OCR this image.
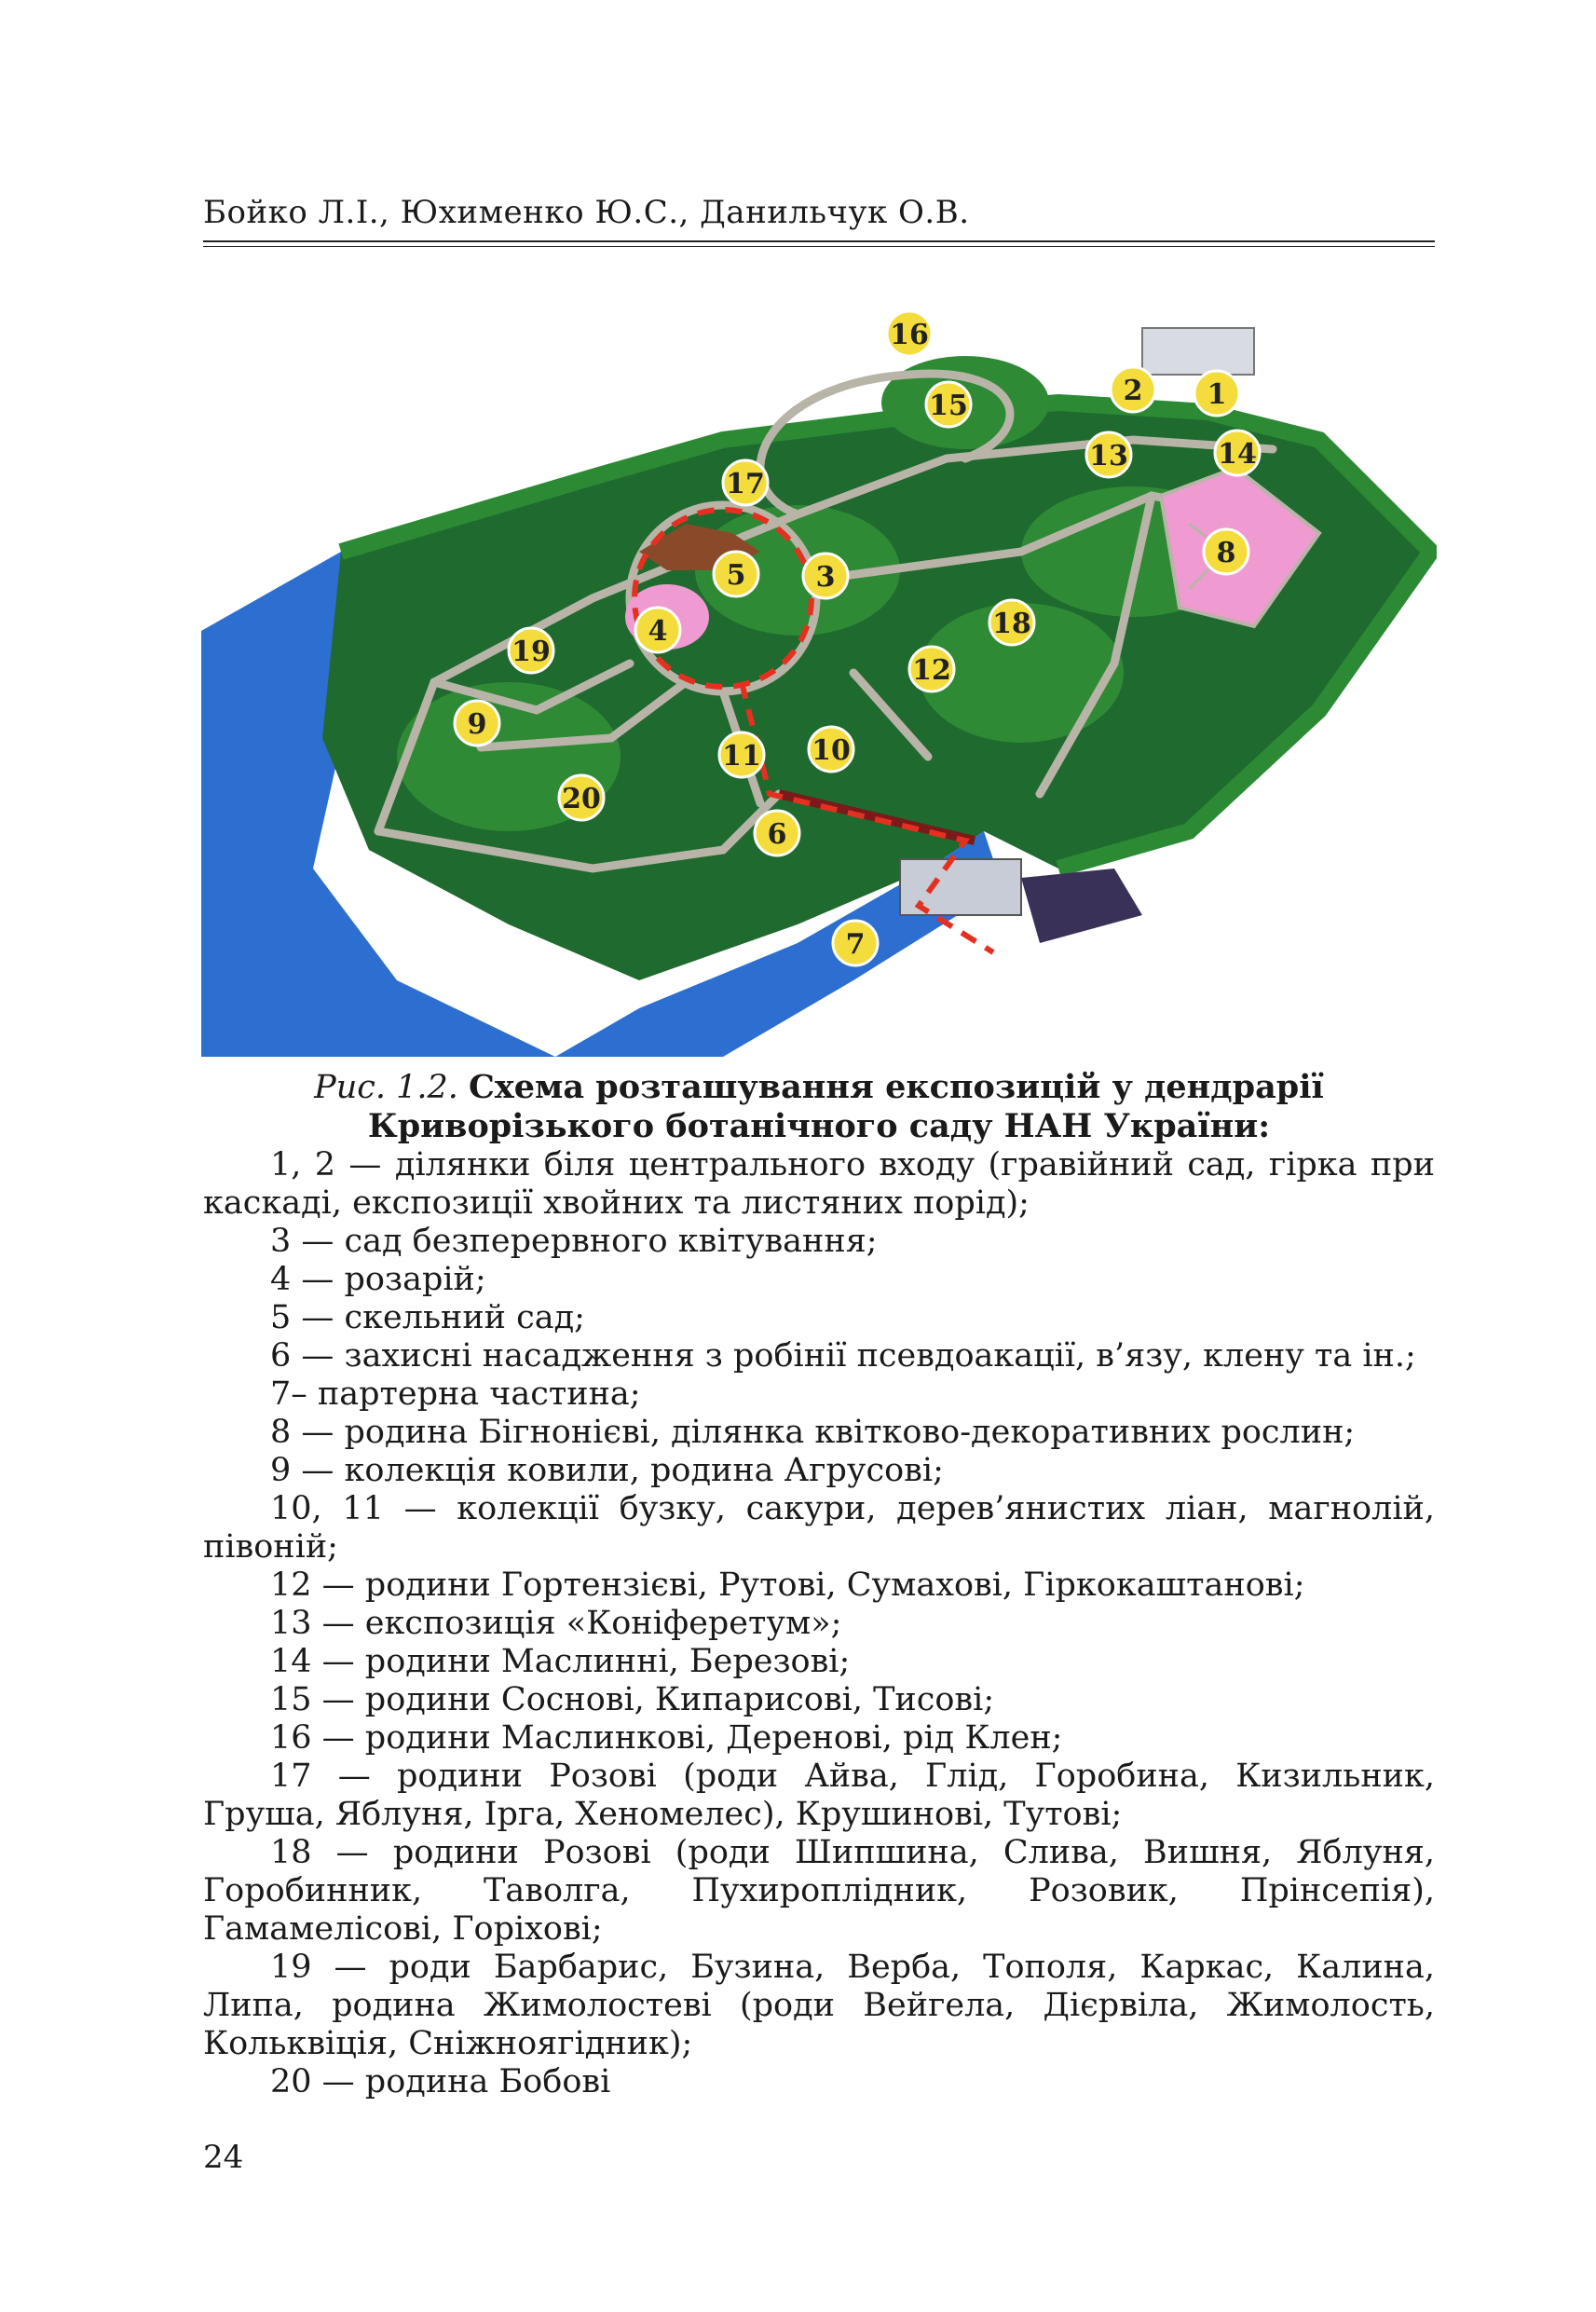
Бойко Л.І., Юхименко Ю.С., Данильчук О.В.
1
2
3
4
5
6
7
8
9
10
11
12
13	14
15
16
17
18
19
20
Рис. 1.2. Схема розташування експозицій у дендрарії
Криворізького ботанічного саду НАН України:

1, 2 — ділянки біля центрального входу (гравійний сад, гірка при каскаді, експозиції хвойних та листяних порід);

3 — сад безперервного квітування;

4 — розарій;

5 — скельний сад;

6 — захисні насадження з робінії псевдоакації, в’язу, клену та ін.;

7– партерна частина;

8 — родина Бігнонієві, ділянка квітково-декоративних рослин;

9 — колекція ковили, родина Агрусові;

10, 11 — колекції бузку, сакури, дерев’янистих ліан, магнолій, півоній;

12 — родини Гортензієві, Рутові, Сумахові, Гіркокаштанові;

13 — експозиція «Коніферетум»;

14 — родини Маслинні, Березові;

15 — родини Соснові, Кипарисові, Тисові;

16 — родини Маслинкові, Деренові, рід Клен;

17 — родини Розові (роди Айва, Глід, Горобина, Кизильник, Груша, Яблуня, Ірга, Хеномелес), Крушинові, Тутові;

18 — родини Розові (роди Шипшина, Слива, Вишня, Яблуня, Горобинник, Таволга, Пухироплідник, Розовик, Прінсепія), Гамамелісові, Горіхові;

19 — роди Барбарис, Бузина, Верба, Тополя, Каркас, Калина, Липа, родина Жимолостеві (роди Вейгела, Дієрвіла, Жимолость, Кольквіція, Сніжноягідник);

20 — родина Бобові

24
